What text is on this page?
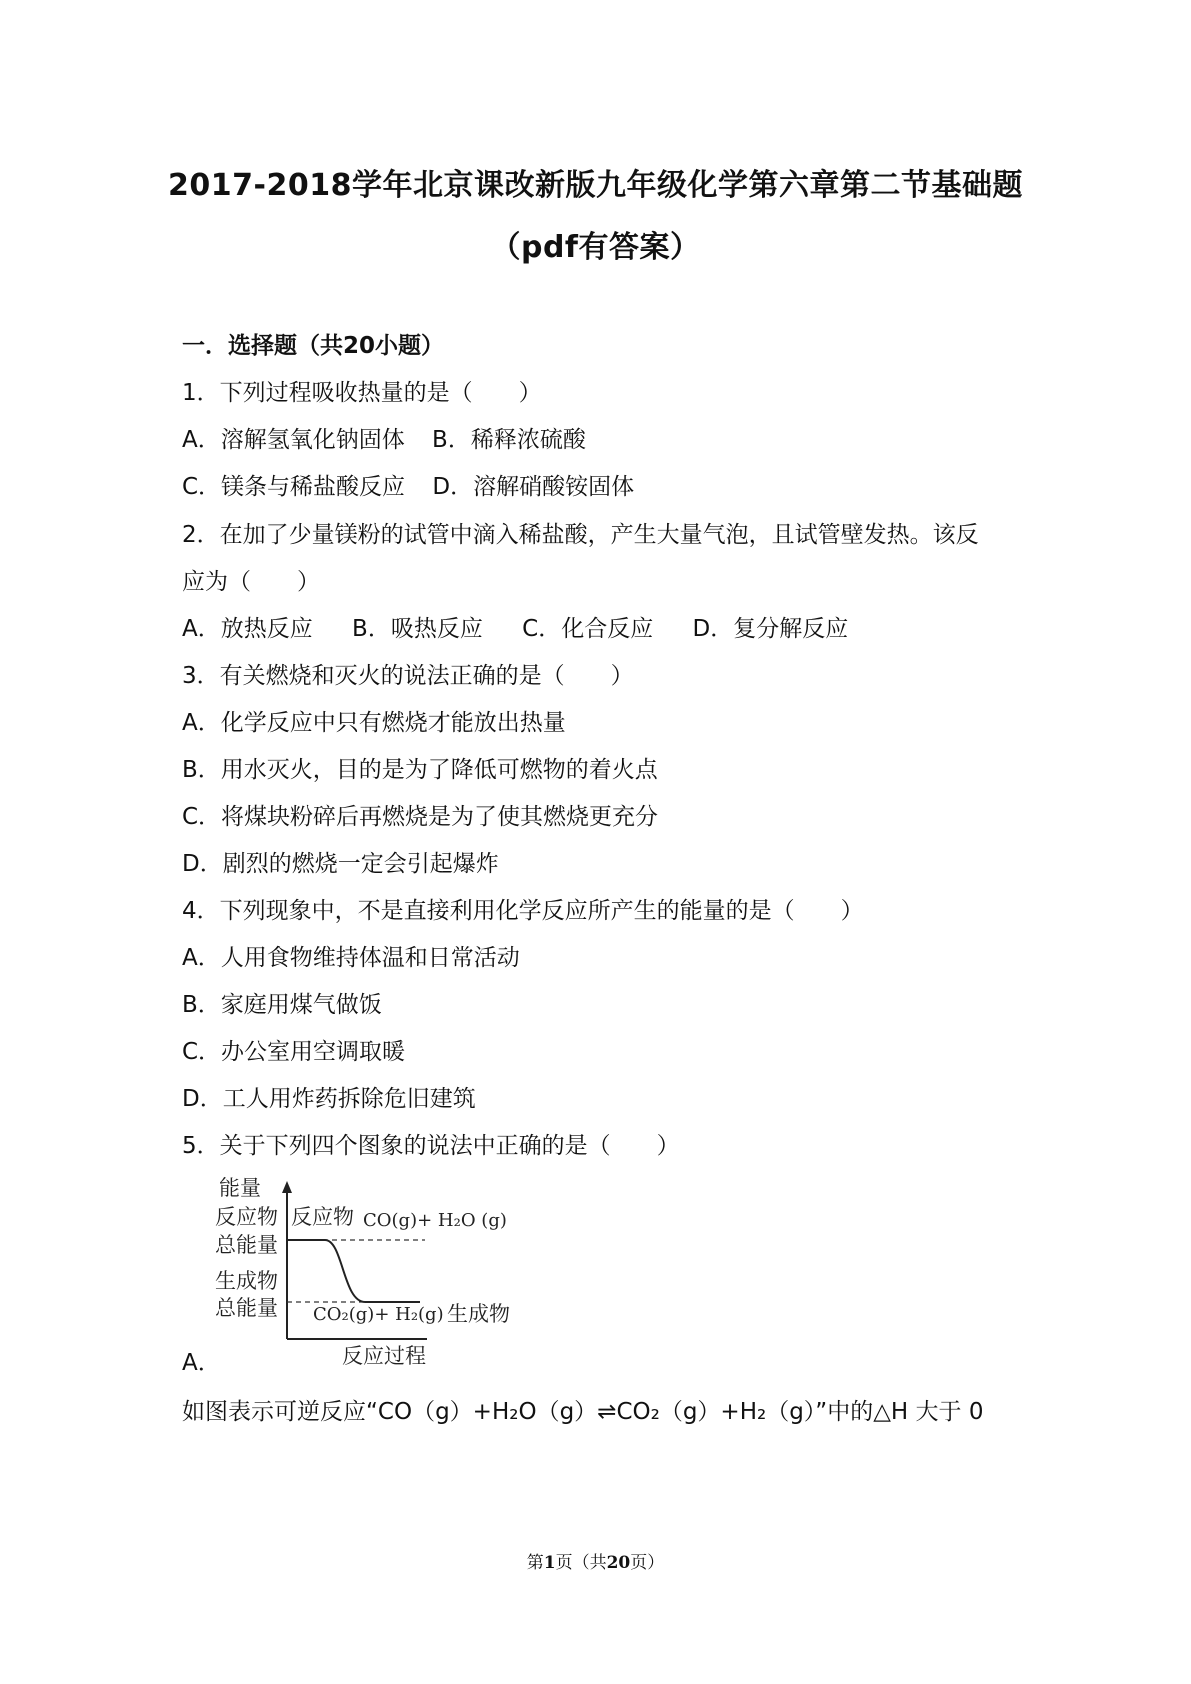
2017-2018学年北京课改新版九年级化学第六章第二节基础题
（pdf有答案）
一．选择题（共20小题）
1．下列过程吸收热量的是（　　）
A．溶解氢氧化钠固体 B．稀释浓硫酸
C．镁条与稀盐酸反应 D．溶解硝酸铵固体
2．在加了少量镁粉的试管中滴入稀盐酸，产生大量气泡，且试管壁发热。该反
应为（　　）
A．放热反应 B．吸热反应 C．化合反应 D．复分解反应
3．有关燃烧和灭火的说法正确的是（　　）
A．化学反应中只有燃烧才能放出热量
B．用水灭火，目的是为了降低可燃物的着火点
C．将煤块粉碎后再燃烧是为了使其燃烧更充分
D．剧烈的燃烧一定会引起爆炸
4．下列现象中，不是直接利用化学反应所产生的能量的是（　　）
A．人用食物维持体温和日常活动
B．家庭用煤气做饭
C．办公室用空调取暖
D．工人用炸药拆除危旧建筑
5．关于下列四个图象的说法中正确的是（　　）
能量
反应物
总能量
生成物
总能量
反应物 CO(g)+ H₂O (g)
CO₂(g)+ H₂(g) 生成物
反应过程
A．
如图表示可逆反应“CO（g）+H₂O（g）⇌CO₂（g）+H₂（g）”中的△H 大于 0
第1页（共20页）
